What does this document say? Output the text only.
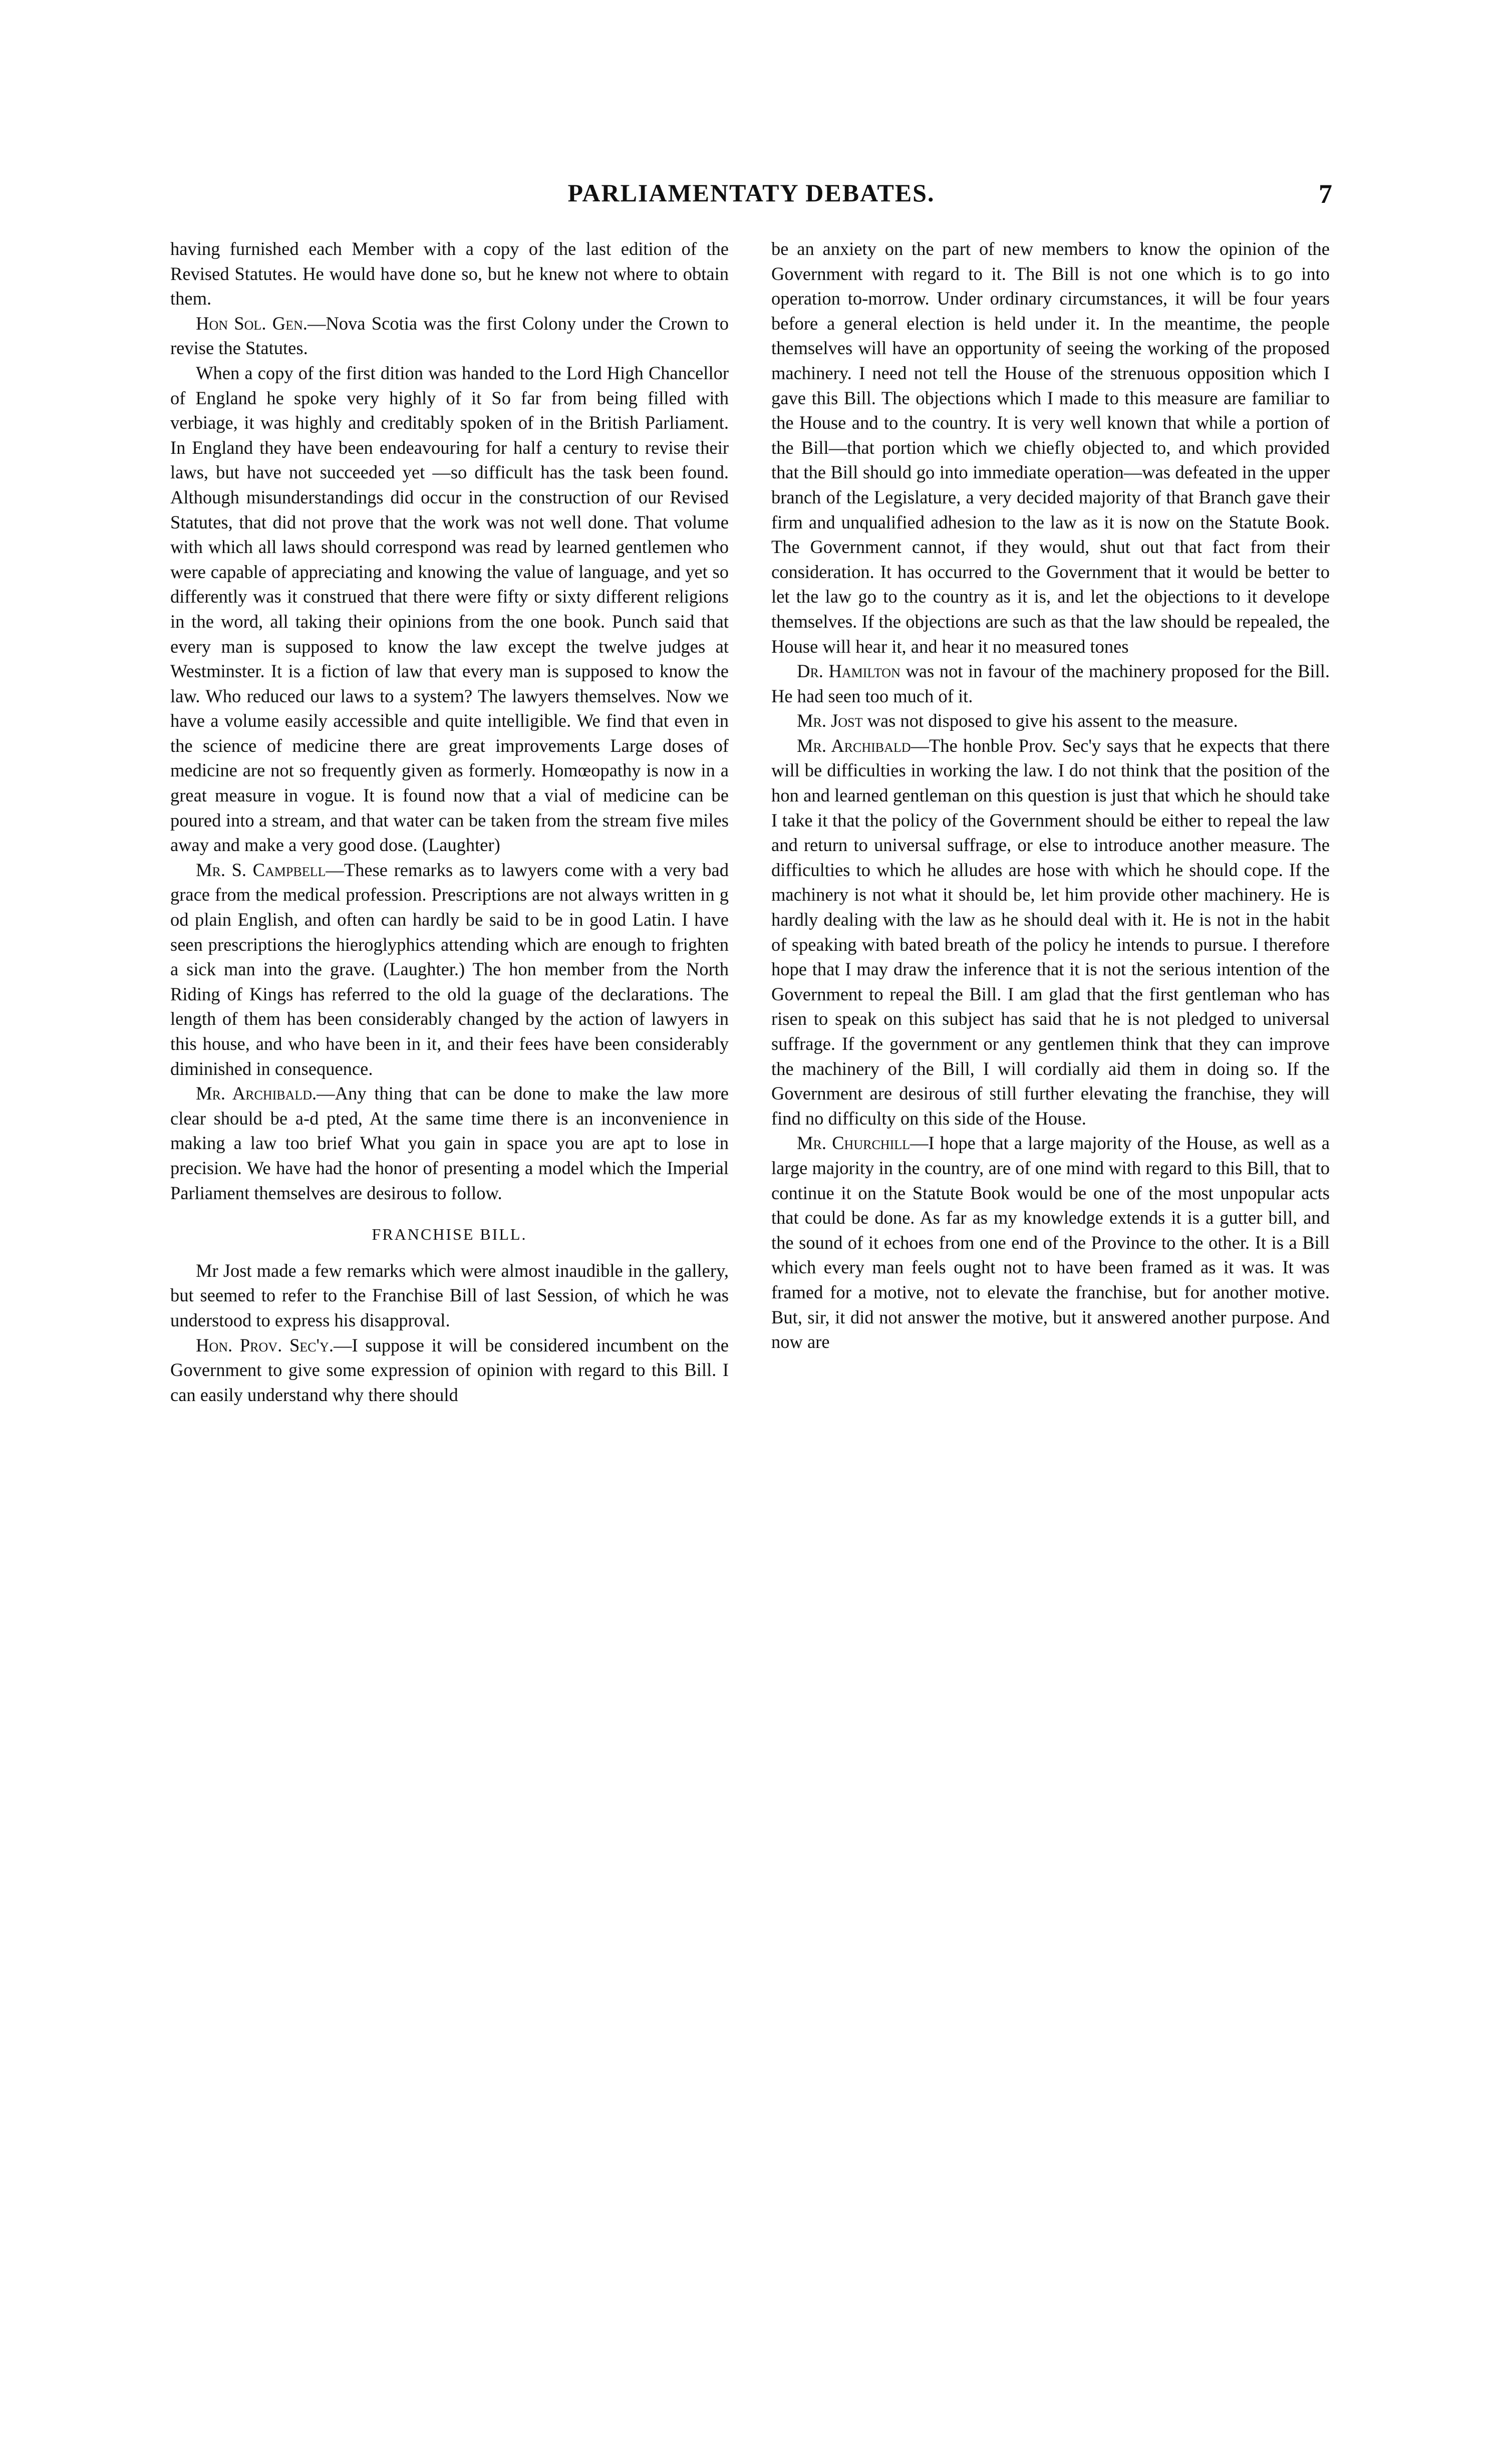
PARLIAMENTATY DEBATES.	7

having furnished each Member with a copy of the last edition of the Revised Statutes. He would have done so, but he knew not where to obtain them.

Hon Sol. Gen.—Nova Scotia was the first Colony under the Crown to revise the Statutes.

When a copy of the first dition was handed to the Lord High Chancellor of England he spoke very highly of it So far from being filled with verbiage, it was highly and creditably spoken of in the British Parliament. In England they have been endeavouring for half a century to revise their laws, but have not succeeded yet —so difficult has the task been found. Although misunderstandings did occur in the construction of our Revised Statutes, that did not prove that the work was not well done. That volume with which all laws should correspond was read by learned gentlemen who were capable of appreciating and knowing the value of language, and yet so differently was it construed that there were fifty or sixty different religions in the word, all taking their opinions from the one book. Punch said that every man is supposed to know the law except the twelve judges at Westminster. It is a fiction of law that every man is supposed to know the law. Who reduced our laws to a system? The lawyers themselves. Now we have a volume easily accessible and quite intelligible. We find that even in the science of medicine there are great improvements Large doses of medicine are not so frequently given as formerly. Homœopathy is now in a great measure in vogue. It is found now that a vial of medicine can be poured into a stream, and that water can be taken from the stream five miles away and make a very good dose. (Laughter)

Mr. S. Campbell—These remarks as to lawyers come with a very bad grace from the medical profession. Prescriptions are not always written in g od plain English, and often can hardly be said to be in good Latin. I have seen prescriptions the hieroglyphics attending which are enough to frighten a sick man into the grave. (Laughter.) The hon member from the North Riding of Kings has referred to the old la guage of the declarations. The length of them has been considerably changed by the action of lawyers in this house, and who have been in it, and their fees have been considerably diminished in consequence.

Mr. Archibald.—Any thing that can be done to make the law more clear should be a-d pted, At the same time there is an inconvenience in making a law too brief What you gain in space you are apt to lose in precision. We have had the honor of presenting a model which the Imperial Parliament themselves are desirous to follow.

FRANCHISE BILL.

Mr Jost made a few remarks which were almost inaudible in the gallery, but seemed to refer to the Franchise Bill of last Session, of which he was understood to express his disapproval.

Hon. Prov. Sec'y.—I suppose it will be considered incumbent on the Government to give some expression of opinion with regard to this Bill. I can easily understand why there should

be an anxiety on the part of new members to know the opinion of the Government with regard to it. The Bill is not one which is to go into operation to-morrow. Under ordinary circumstances, it will be four years before a general election is held under it. In the meantime, the people themselves will have an opportunity of seeing the working of the proposed machinery. I need not tell the House of the strenuous opposition which I gave this Bill. The objections which I made to this measure are familiar to the House and to the country. It is very well known that while a portion of the Bill—that portion which we chiefly objected to, and which provided that the Bill should go into immediate operation—was defeated in the upper branch of the Legislature, a very decided majority of that Branch gave their firm and unqualified adhesion to the law as it is now on the Statute Book. The Government cannot, if they would, shut out that fact from their consideration. It has occurred to the Government that it would be better to let the law go to the country as it is, and let the objections to it develope themselves. If the objections are such as that the law should be repealed, the House will hear it, and hear it no measured tones

Dr. Hamilton was not in favour of the machinery proposed for the Bill. He had seen too much of it.

Mr. Jost was not disposed to give his assent to the measure.

Mr. Archibald—The honble Prov. Sec'y says that he expects that there will be difficulties in working the law. I do not think that the position of the hon and learned gentleman on this question is just that which he should take I take it that the policy of the Government should be either to repeal the law and return to universal suffrage, or else to introduce another measure. The difficulties to which he alludes are hose with which he should cope. If the machinery is not what it should be, let him provide other machinery. He is hardly dealing with the law as he should deal with it. He is not in the habit of speaking with bated breath of the policy he intends to pursue. I therefore hope that I may draw the inference that it is not the serious intention of the Government to repeal the Bill. I am glad that the first gentleman who has risen to speak on this subject has said that he is not pledged to universal suffrage. If the government or any gentlemen think that they can improve the machinery of the Bill, I will cordially aid them in doing so. If the Government are desirous of still further elevating the franchise, they will find no difficulty on this side of the House.

Mr. Churchill—I hope that a large majority of the House, as well as a large majority in the country, are of one mind with regard to this Bill, that to continue it on the Statute Book would be one of the most unpopular acts that could be done. As far as my knowledge extends it is a gutter bill, and the sound of it echoes from one end of the Province to the other. It is a Bill which every man feels ought not to have been framed as it was. It was framed for a motive, not to elevate the franchise, but for another motive. But, sir, it did not answer the motive, but it answered another purpose. And now are
